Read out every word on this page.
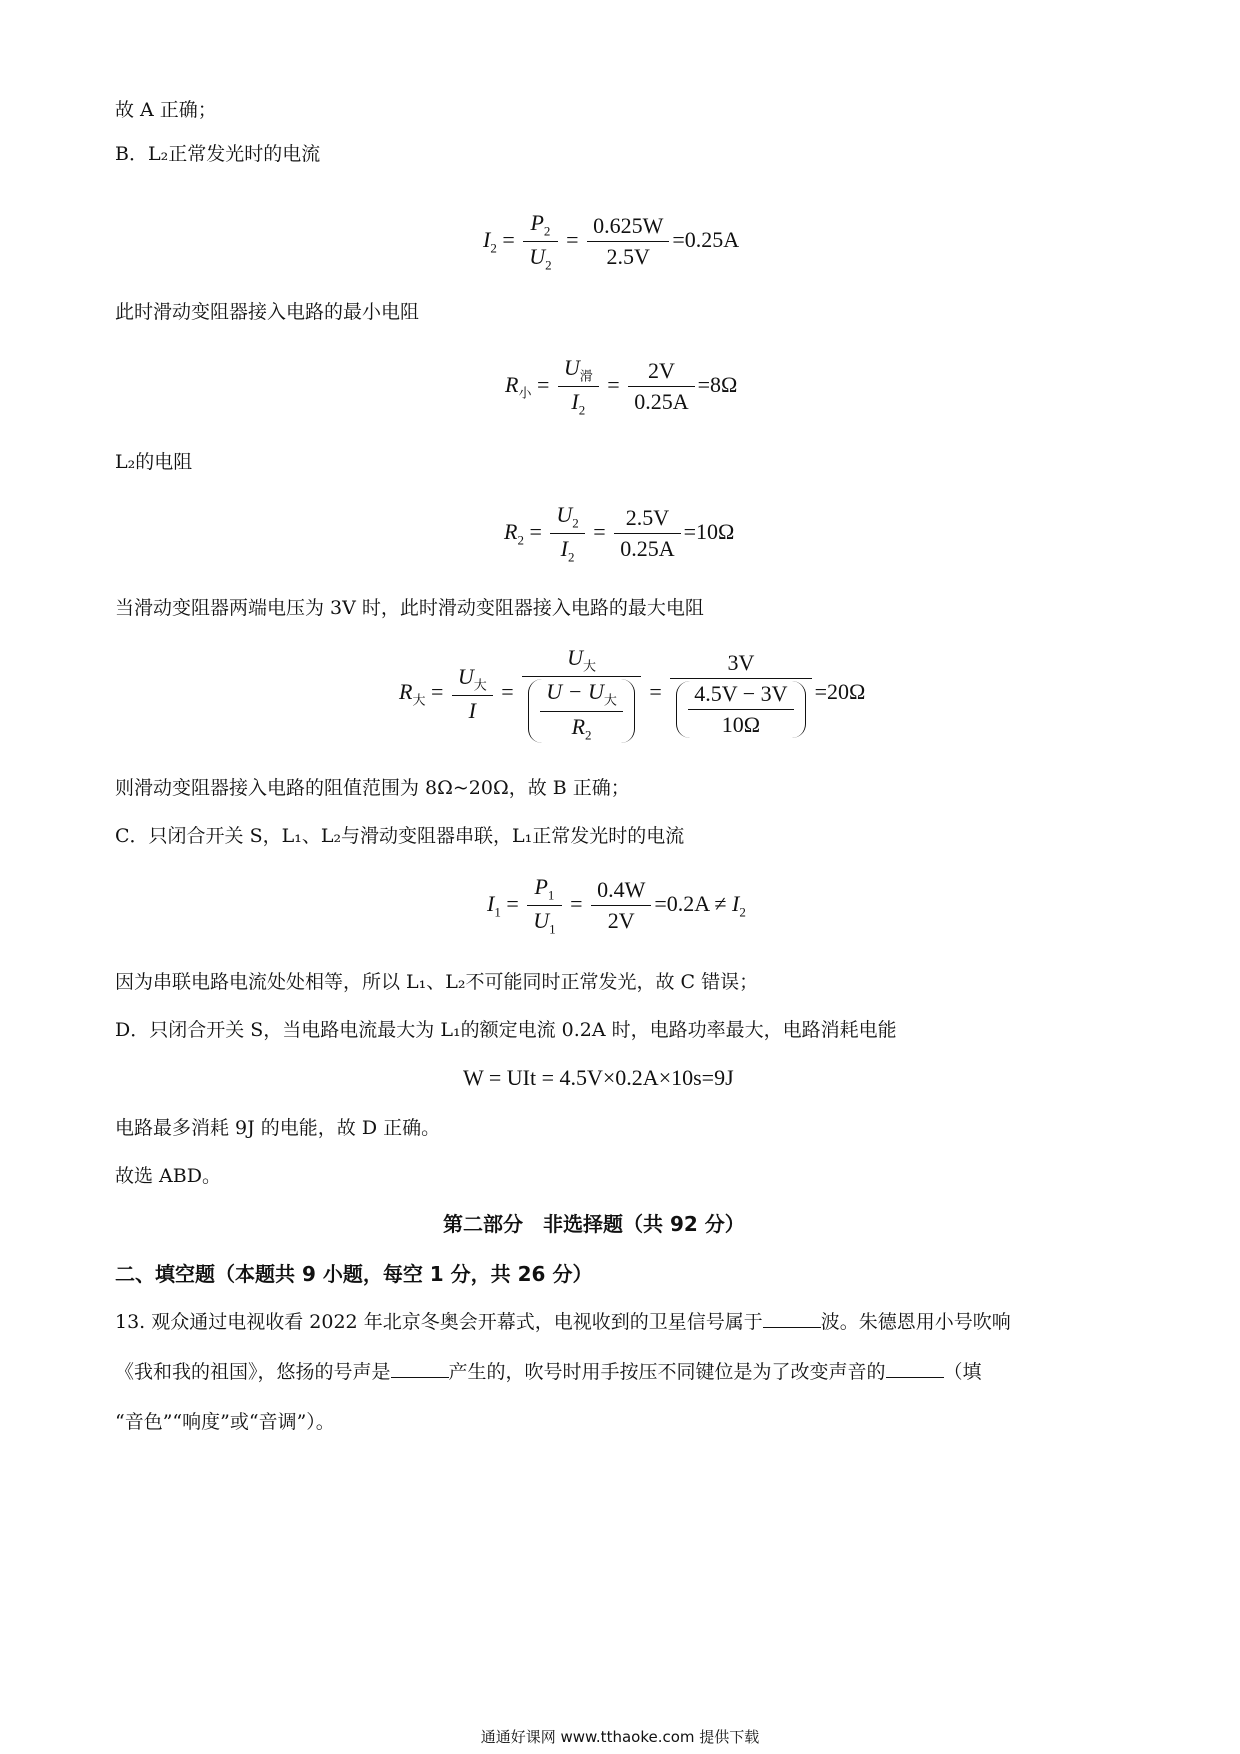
故 A 正确；
B．L₂正常发光时的电流
$I_2 = \frac{P_2}{U_2} = \frac{0.625W}{2.5V} =0.25A$
此时滑动变阻器接入电路的最小电阻
$R_小 = \frac{U_滑}{I_2} = \frac{2V}{0.25A} =8\Omega$
L₂的电阻
$R_2 = \frac{U_2}{I_2} = \frac{2.5V}{0.25A} =10\Omega$
当滑动变阻器两端电压为 3V 时，此时滑动变阻器接入电路的最大电阻
$R_大 = \frac{U_大}{I} = \frac{U_大}{\frac{U - U_大}{R_2}} = \frac{3V}{\frac{4.5V - 3V}{10\Omega}} =20\Omega$
则滑动变阻器接入电路的阻值范围为 8Ω~20Ω，故 B 正确；
C．只闭合开关 S，L₁、L₂与滑动变阻器串联，L₁正常发光时的电流
$I_1 = \frac{P_1}{U_1} = \frac{0.4W}{2V} =0.2A \ne I_2$
因为串联电路电流处处相等，所以 L₁、L₂不可能同时正常发光，故 C 错误；
D．只闭合开关 S，当电路电流最大为 L₁的额定电流 0.2A 时，电路功率最大，电路消耗电能
W = UIt = 4.5V×0.2A×10s=9J
电路最多消耗 9J 的电能，故 D 正确。
故选 ABD。
第二部分　非选择题（共 92 分）
二、填空题（本题共 9 小题，每空 1 分，共 26 分）
13. 观众通过电视收看 2022 年北京冬奥会开幕式，电视收到的卫星信号属于	波。朱德恩用小号吹响
《我和我的祖国》，悠扬的号声是	产生的，吹号时用手按压不同键位是为了改变声音的	（填
“音色”“响度”或“音调”）。
通通好课网 www.tthaoke.com 提供下载
